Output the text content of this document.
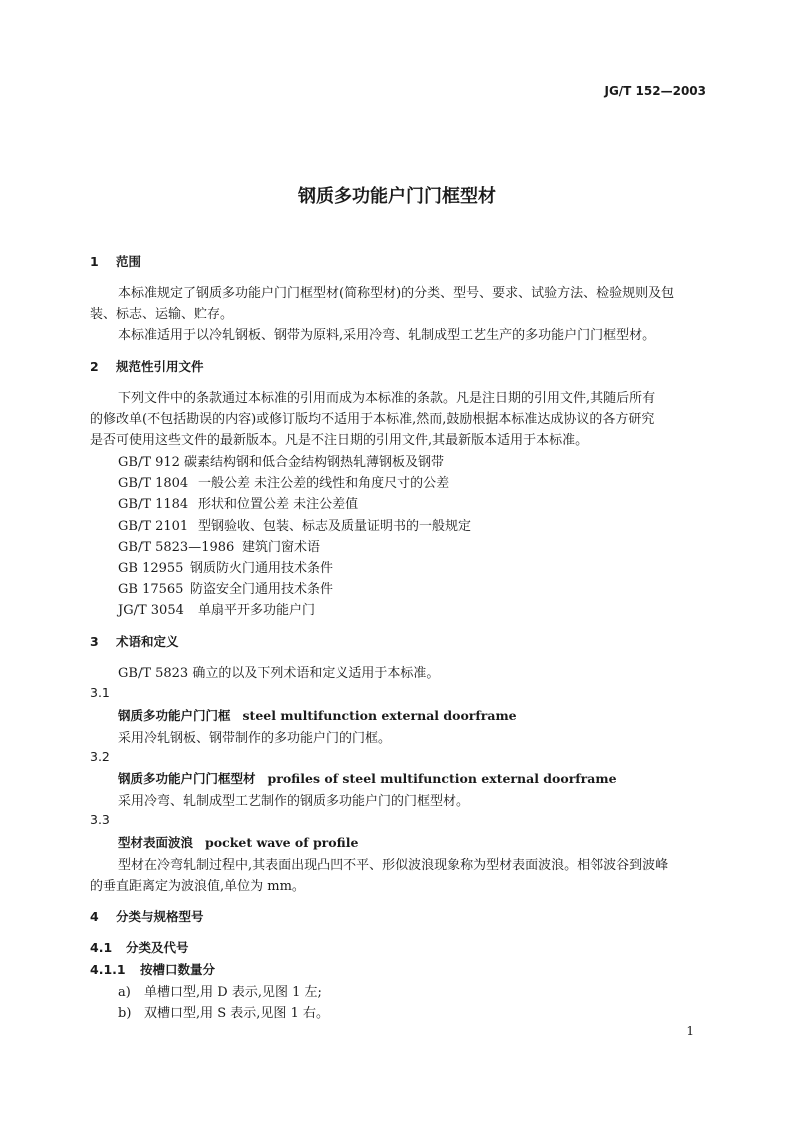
JG/T 152—2003
钢质多功能户门门框型材
1 范围
本标准规定了钢质多功能户门门框型材(简称型材)的分类、型号、要求、试验方法、检验规则及包
装、标志、运输、贮存。
本标准适用于以冷轧钢板、钢带为原料,采用冷弯、轧制成型工艺生产的多功能户门门框型材。
2 规范性引用文件
下列文件中的条款通过本标准的引用而成为本标准的条款。凡是注日期的引用文件,其随后所有
的修改单(不包括勘误的内容)或修订版均不适用于本标准,然而,鼓励根据本标准达成协议的各方研究
是否可使用这些文件的最新版本。凡是不注日期的引用文件,其最新版本适用于本标准。
GB/T 912 碳素结构钢和低合金结构钢热轧薄钢板及钢带
GB/T 1804 一般公差 未注公差的线性和角度尺寸的公差
GB/T 1184 形状和位置公差 未注公差值
GB/T 2101 型钢验收、包装、标志及质量证明书的一般规定
GB/T 5823—1986 建筑门窗术语
GB 12955 钢质防火门通用技术条件
GB 17565 防盗安全门通用技术条件
JG/T 3054 单扇平开多功能户门
3 术语和定义
GB/T 5823 确立的以及下列术语和定义适用于本标准。
3.1
钢质多功能户门门框 steel multifunction external doorframe
采用冷轧钢板、钢带制作的多功能户门的门框。
3.2
钢质多功能户门门框型材 profiles of steel multifunction external doorframe
采用冷弯、轧制成型工艺制作的钢质多功能户门的门框型材。
3.3
型材表面波浪 pocket wave of profile
型材在冷弯轧制过程中,其表面出现凸凹不平、形似波浪现象称为型材表面波浪。相邻波谷到波峰
的垂直距离定为波浪值,单位为 mm。
4 分类与规格型号
4.1 分类及代号
4.1.1 按槽口数量分
a) 单槽口型,用 D 表示,见图 1 左;
b) 双槽口型,用 S 表示,见图 1 右。
1
